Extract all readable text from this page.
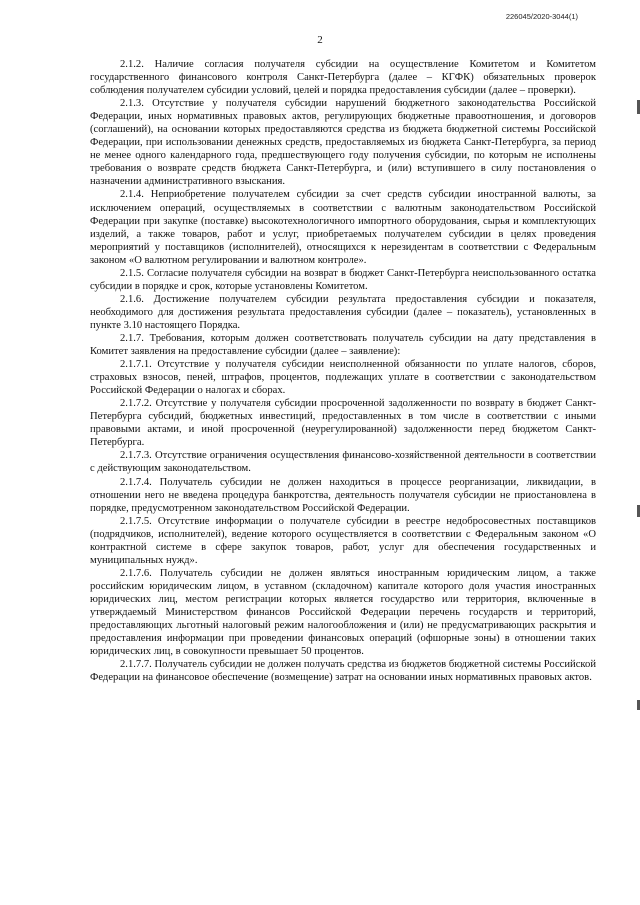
226045/2020-3044(1)
2

2.1.2. Наличие согласия получателя субсидии на осуществление Комитетом и Комитетом государственного финансового контроля Санкт-Петербурга (далее – КГФК) обязательных проверок соблюдения получателем субсидии условий, целей и порядка предоставления субсидии (далее – проверки).

2.1.3. Отсутствие у получателя субсидии нарушений бюджетного законодательства Российской Федерации, иных нормативных правовых актов, регулирующих бюджетные правоотношения, и договоров (соглашений), на основании которых предоставляются средства из бюджета бюджетной системы Российской Федерации, при использовании денежных средств, предоставляемых из бюджета Санкт-Петербурга, за период не менее одного календарного года, предшествующего году получения субсидии, по которым не исполнены требования о возврате средств бюджета Санкт-Петербурга, и (или) вступившего в силу постановления о назначении административного взыскания.

2.1.4. Неприобретение получателем субсидии за счет средств субсидии иностранной валюты, за исключением операций, осуществляемых в соответствии с валютным законодательством Российской Федерации при закупке (поставке) высокотехнологичного импортного оборудования, сырья и комплектующих изделий, а также товаров, работ и услуг, приобретаемых получателем субсидии в целях проведения мероприятий у поставщиков (исполнителей), относящихся к нерезидентам в соответствии с Федеральным законом «О валютном регулировании и валютном контроле».

2.1.5. Согласие получателя субсидии на возврат в бюджет Санкт-Петербурга неиспользованного остатка субсидии в порядке и срок, которые установлены Комитетом.

2.1.6. Достижение получателем субсидии результата предоставления субсидии и показателя, необходимого для достижения результата предоставления субсидии (далее – показатель), установленных в пункте 3.10 настоящего Порядка.

2.1.7. Требования, которым должен соответствовать получатель субсидии на дату представления в Комитет заявления на предоставление субсидии (далее – заявление):

2.1.7.1. Отсутствие у получателя субсидии неисполненной обязанности по уплате налогов, сборов, страховых взносов, пеней, штрафов, процентов, подлежащих уплате в соответствии с законодательством Российской Федерации о налогах и сборах.

2.1.7.2. Отсутствие у получателя субсидии просроченной задолженности по возврату в бюджет Санкт-Петербурга субсидий, бюджетных инвестиций, предоставленных в том числе в соответствии с иными правовыми актами, и иной просроченной (неурегулированной) задолженности перед бюджетом Санкт-Петербурга.

2.1.7.3. Отсутствие ограничения осуществления финансово-хозяйственной деятельности в соответствии с действующим законодательством.

2.1.7.4. Получатель субсидии не должен находиться в процессе реорганизации, ликвидации, в отношении него не введена процедура банкротства, деятельность получателя субсидии не приостановлена в порядке, предусмотренном законодательством Российской Федерации.

2.1.7.5. Отсутствие информации о получателе субсидии в реестре недобросовестных поставщиков (подрядчиков, исполнителей), ведение которого осуществляется в соответствии с Федеральным законом «О контрактной системе в сфере закупок товаров, работ, услуг для обеспечения государственных и муниципальных нужд».

2.1.7.6. Получатель субсидии не должен являться иностранным юридическим лицом, а также российским юридическим лицом, в уставном (складочном) капитале которого доля участия иностранных юридических лиц, местом регистрации которых является государство или территория, включенные в утверждаемый Министерством финансов Российской Федерации перечень государств и территорий, предоставляющих льготный налоговый режим налогообложения и (или) не предусматривающих раскрытия и предоставления информации при проведении финансовых операций (офшорные зоны) в отношении таких юридических лиц, в совокупности превышает 50 процентов.

2.1.7.7. Получатель субсидии не должен получать средства из бюджетов бюджетной системы Российской Федерации на финансовое обеспечение (возмещение) затрат на основании иных нормативных правовых актов.
